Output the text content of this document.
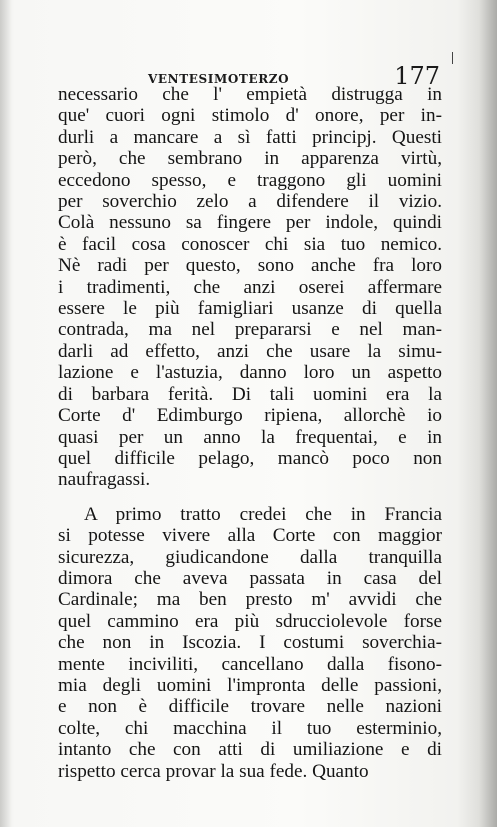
VENTESIMOTERZO	177
necessario che l' empietà distrugga in
que' cuori ogni stimolo d' onore, per in-
durli a mancare a sì fatti principj. Questi
però, che sembrano in apparenza virtù,
eccedono spesso, e traggono gli uomini
per soverchio zelo a difendere il vizio.
Colà nessuno sa fingere per indole, quindi
è facil cosa conoscer chi sia tuo nemico.
Nè radi per questo, sono anche fra loro
i tradimenti, che anzi oserei affermare
essere le più famigliari usanze di quella
contrada, ma nel prepararsi e nel man-
darli ad effetto, anzi che usare la simu-
lazione e l'astuzia, danno loro un aspetto
di barbara ferità. Di tali uomini era la
Corte d' Edimburgo ripiena, allorchè io
quasi per un anno la frequentai, e in
quel difficile pelago, mancò poco non
naufragassi.
A primo tratto credei che in Francia
si potesse vivere alla Corte con maggior
sicurezza, giudicandone dalla tranquilla
dimora che aveva passata in casa del
Cardinale; ma ben presto m' avvidi che
quel cammino era più sdrucciolevole forse
che non in Iscozia. I costumi soverchia-
mente inciviliti, cancellano dalla fisono-
mia degli uomini l'impronta delle passioni,
e non è difficile trovare nelle nazioni
colte, chi macchina il tuo esterminio,
intanto che con atti di umiliazione e di
rispetto cerca provar la sua fede. Quanto
